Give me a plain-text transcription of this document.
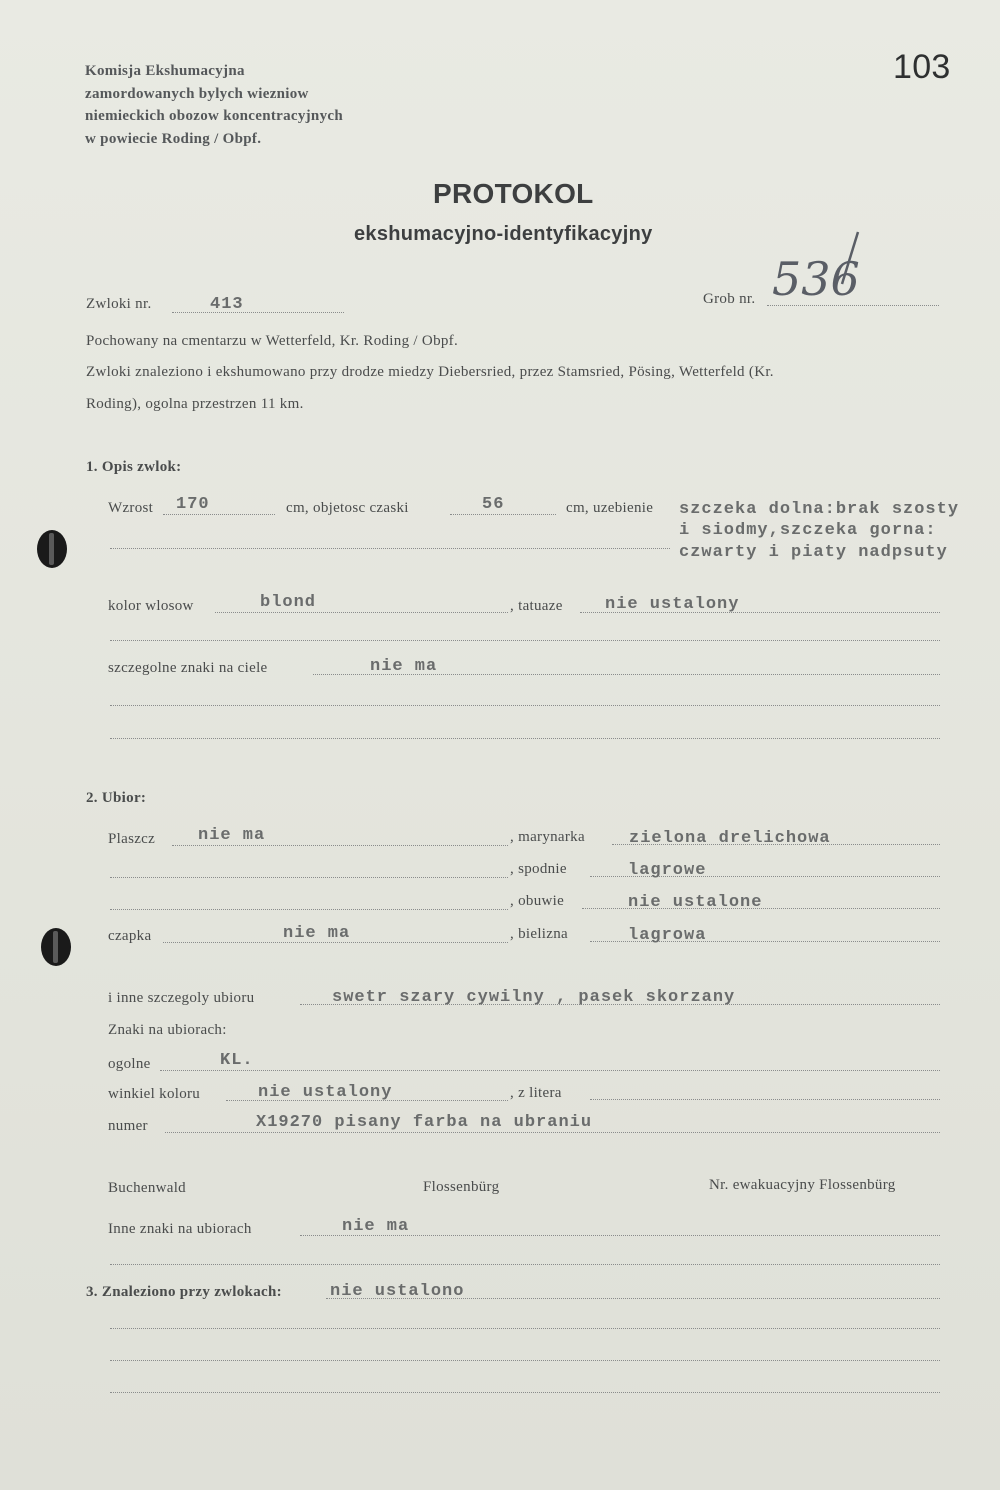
103
Komisja Ekshumacyjna
zamordowanych bylych wiezniow
niemieckich obozow koncentracyjnych
w powiecie Roding / Obpf.
PROTOKOL
ekshumacyjno-identyfikacyjny
Zwloki nr.	413	Grob nr. 536
Pochowany na cmentarzu w Wetterfeld, Kr. Roding / Obpf.
Zwloki znaleziono i ekshumowano przy drodze miedzy Diebersried, przez Stamsried, Pösing, Wetterfeld (Kr.
Roding), ogolna przestrzen 11 km.
1. Opis zwlok:
Wzrost 170	cm, objetosc czaski	56	cm, uzebienie szczeka dolna:brak szosty
i siodmy,szczeka gorna:
czwarty i piaty nadpsuty
kolor wlosow	blond	, tatuaze nie ustalony
szczegolne znaki na ciele	nie ma
2. Ubior:
Plaszcz	nie ma	, marynarka	zielona drelichowa
, spodnie	lagrowe
, obuwie	nie ustalone
czapka	nie ma	, bielizna	lagrowa
i inne szczegoly ubioru	swetr szary cywilny , pasek skorzany
Znaki na ubiorach:
ogolne	KL.
winkiel koloru	nie ustalony	, z litera
numer	X19270 pisany farba na ubraniu
Buchenwald	Flossenbürg	Nr. ewakuacyjny Flossenbürg
Inne znaki na ubiorach	nie ma
3. Znaleziono przy zwlokach:	nie ustalono
